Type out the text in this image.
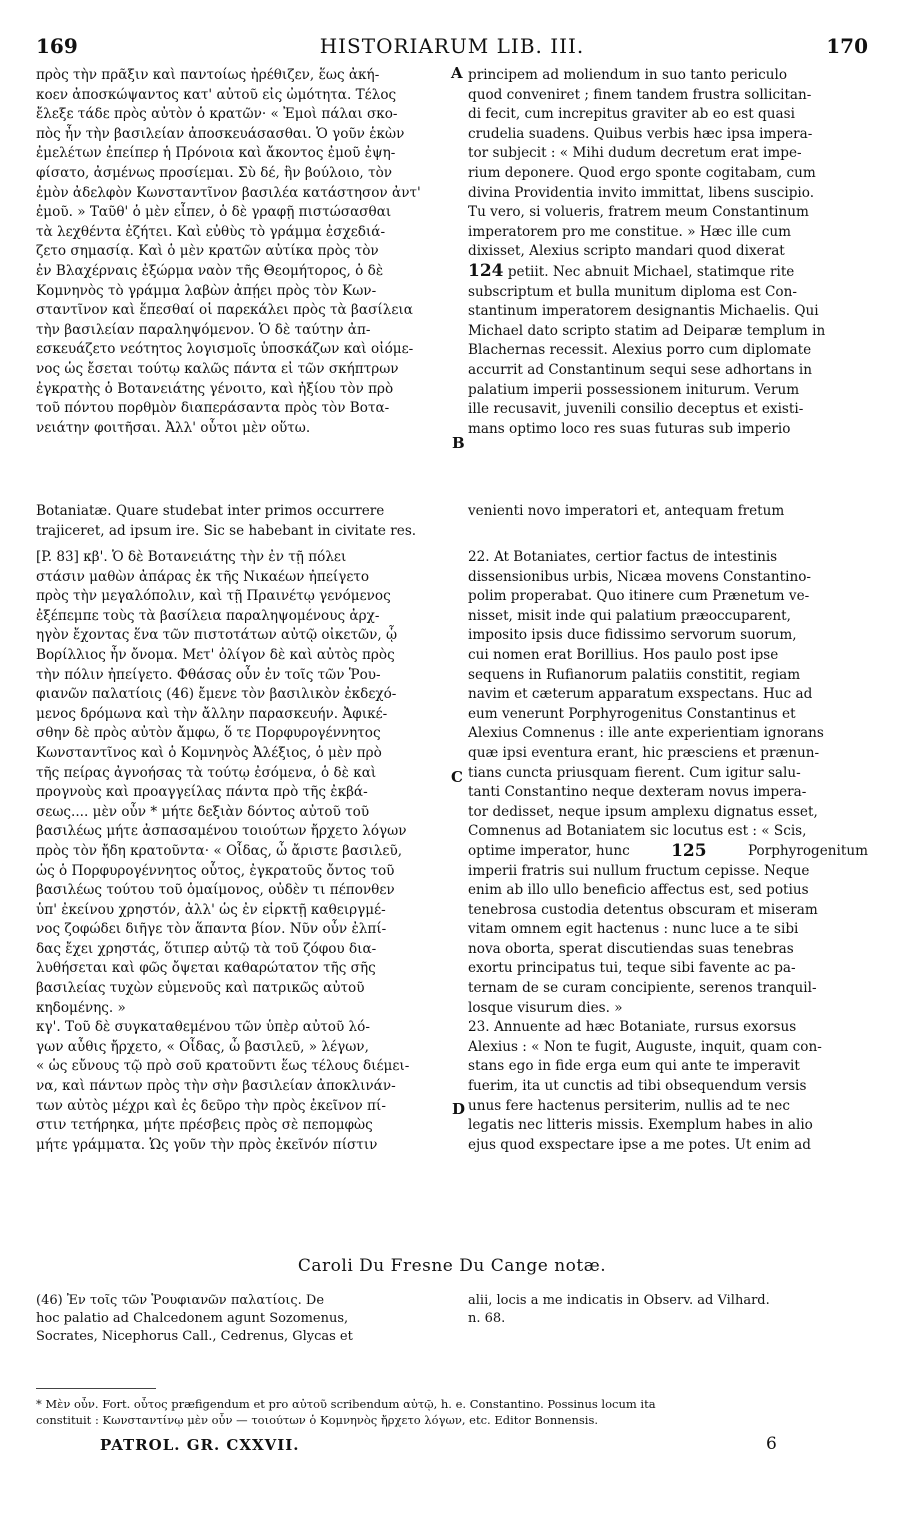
169	HISTORIARUM LIB. III.	170
A
B
C
D

πρὸς τὴν πρᾶξιν καὶ παντοίως ἠρέθιζεν, ἕως ἀκή-

κοεν ἀποσκώψαντος κατ' αὐτοῦ εἰς ὠμότητα. Τέλος

ἔλεξε τάδε πρὸς αὐτὸν ὁ κρατῶν· « Ἐμοὶ πάλαι σκο-

πὸς ἦν τὴν βασιλείαν ἀποσκευάσασθαι. Ὁ γοῦν ἑκὼν

ἐμελέτων ἐπείπερ ἡ Πρόνοια καὶ ἄκοντος ἐμοῦ ἐψη-

φίσατο, ἀσμένως προσίεμαι. Σὺ δέ, ἣν βούλοιο, τὸν

ἐμὸν ἀδελφὸν Κωνσταντῖνον βασιλέα κατάστησον ἀντ'

ἐμοῦ. » Ταῦθ' ὁ μὲν εἶπεν, ὁ δὲ γραφῇ πιστώσασθαι

τὰ λεχθέντα ἐζήτει. Καὶ εὐθὺς τὸ γράμμα ἐσχεδιά-

ζετο σημασίᾳ. Καὶ ὁ μὲν κρατῶν αὐτίκα πρὸς τὸν

ἐν Βλαχέρναις ἐξώρμα ναὸν τῆς Θεομήτορος, ὁ δὲ

Κομνηνὸς τὸ γράμμα λαβὼν ἀπῄει πρὸς τὸν Κων-

σταντῖνον καὶ ἕπεσθαί οἱ παρεκάλει πρὸς τὰ βασίλεια

τὴν βασιλείαν παραληψόμενον. Ὁ δὲ ταύτην ἀπ-

εσκευάζετο νεότητος λογισμοῖς ὑποσκάζων καὶ οἰόμε-

νος ὡς ἔσεται τούτῳ καλῶς πάντα εἰ τῶν σκήπτρων

ἐγκρατὴς ὁ Βοτανειάτης γένοιτο, καὶ ἠξίου τὸν πρὸ

τοῦ πόντου πορθμὸν διαπεράσαντα πρὸς τὸν Βοτα-

νειάτην φοιτῆσαι. Ἀλλ' οὗτοι μὲν οὕτω.

principem ad moliendum in suo tanto periculo

quod conveniret ; finem tandem frustra sollicitan-

di fecit, cum increpitus graviter ab eo est quasi

crudelia suadens. Quibus verbis hæc ipsa impera-

tor subjecit : « Mihi dudum decretum erat impe-

rium deponere. Quod ergo sponte cogitabam, cum

divina Providentia invito immittat, libens suscipio.

Tu vero, si volueris, fratrem meum Constantinum

imperatorem pro me constitue. » Hæc ille cum

dixisset, Alexius scripto mandari quod dixerat

124 petiit. Nec abnuit Michael, statimque rite

subscriptum et bulla munitum diploma est Con-

stantinum imperatorem designantis Michaelis. Qui

Michael dato scripto statim ad Deiparæ templum in

Blachernas recessit. Alexius porro cum diplomate

accurrit ad Constantinum sequi sese adhortans in

palatium imperii possessionem initurum. Verum

ille recusavit, juvenili consilio deceptus et existi-

mans optimo loco res suas futuras sub imperio

Botaniatæ. Quare studebat inter primos occurrere	venienti novo imperatori et, antequam fretum
trajiceret, ad ipsum ire. Sic se habebant in civitate res.

[P. 83] κβ'. Ὁ δὲ Βοτανειάτης τὴν ἐν τῇ πόλει

στάσιν μαθὼν ἀπάρας ἐκ τῆς Νικαέων ἠπείγετο

πρὸς τὴν μεγαλόπολιν, καὶ τῇ Πραινέτῳ γενόμενος

ἐξέπεμπε τοὺς τὰ βασίλεια παραληψομένους ἀρχ-

ηγὸν ἔχοντας ἕνα τῶν πιστοτάτων αὐτῷ οἰκετῶν, ᾧ

Βορίλλιος ἦν ὄνομα. Μετ' ὀλίγον δὲ καὶ αὐτὸς πρὸς

τὴν πόλιν ἠπείγετο. Φθάσας οὖν ἐν τοῖς τῶν Ῥου-

φιανῶν παλατίοις (46) ἔμενε τὸν βασιλικὸν ἐκδεχό-

μενος δρόμωνα καὶ τὴν ἄλλην παρασκευήν. Ἀφικέ-

σθην δὲ πρὸς αὐτὸν ἄμφω, ὅ τε Πορφυρογέννητος

Κωνσταντῖνος καὶ ὁ Κομνηνὸς Ἀλέξιος, ὁ μὲν πρὸ

τῆς πείρας ἀγνοήσας τὰ τούτῳ ἐσόμενα, ὁ δὲ καὶ

προγνοὺς καὶ προαγγείλας πάντα πρὸ τῆς ἐκβά-

σεως.... μὲν οὖν * μήτε δεξιὰν δόντος αὐτοῦ τοῦ

βασιλέως μήτε ἀσπασαμένου τοιούτων ἤρχετο λόγων

πρὸς τὸν ἤδη κρατοῦντα· « Οἶδας, ὦ ἄριστε βασιλεῦ,

ὡς ὁ Πορφυρογέννητος οὗτος, ἐγκρατοῦς ὄντος τοῦ

βασιλέως τούτου τοῦ ὁμαίμονος, οὐδὲν τι πέπονθεν

ὑπ' ἐκείνου χρηστόν, ἀλλ' ὡς ἐν εἱρκτῇ καθειργμέ-

νος ζοφώδει διῆγε τὸν ἅπαντα βίον. Νῦν οὖν ἐλπί-

δας ἔχει χρηστάς, ὅτιπερ αὐτῷ τὰ τοῦ ζόφου δια-

λυθήσεται καὶ φῶς ὄψεται καθαρώτατον τῆς σῆς

βασιλείας τυχὼν εὐμενοῦς καὶ πατρικῶς αὐτοῦ

κηδομένης. »

κγ'. Τοῦ δὲ συγκαταθεμένου τῶν ὑπὲρ αὐτοῦ λό-

γων αὖθις ἤρχετο, « Οἶδας, ὦ βασιλεῦ, » λέγων,

« ὡς εὔνους τῷ πρὸ σοῦ κρατοῦντι ἕως τέλους διέμει-

να, καὶ πάντων πρὸς τὴν σὴν βασιλείαν ἀποκλινάν-

των αὐτὸς μέχρι καὶ ἐς δεῦρο τὴν πρὸς ἐκεῖνον πί-

στιν τετήρηκα, μήτε πρέσβεις πρὸς σὲ πεπομφὼς

μήτε γράμματα. Ὡς γοῦν τὴν πρὸς ἐκεῖνόν πίστιν

22. At Botaniates, certior factus de intestinis

dissensionibus urbis, Nicæa movens Constantino-

polim properabat. Quo itinere cum Prænetum ve-

nisset, misit inde qui palatium præoccuparent,

imposito ipsis duce fidissimo servorum suorum,

cui nomen erat Borillius. Hos paulo post ipse

sequens in Rufianorum palatiis constitit, regiam

navim et cæterum apparatum exspectans. Huc ad

eum venerunt Porphyrogenitus Constantinus et

Alexius Comnenus : ille ante experientiam ignorans

quæ ipsi eventura erant, hic præsciens et prænun-

tians cuncta priusquam fierent. Cum igitur salu-

tanti Constantino neque dexteram novus impera-

tor dedisset, neque ipsum amplexu dignatus esset,

Comnenus ad Botaniatem sic locutus est : « Scis,

optime imperator, hunc 125	Porphyrogenitum

imperii fratris sui nullum fructum cepisse. Neque

enim ab illo ullo beneficio affectus est, sed potius

tenebrosa custodia detentus obscuram et miseram

vitam omnem egit hactenus : nunc luce a te sibi

nova oborta, sperat discutiendas suas tenebras

exortu principatus tui, teque sibi favente ac pa-

ternam de se curam concipiente, serenos tranquil-

losque visurum dies. »

23. Annuente ad hæc Botaniate, rursus exorsus

Alexius : « Non te fugit, Auguste, inquit, quam con-

stans ego in fide erga eum qui ante te imperavit

fuerim, ita ut cunctis ad tibi obsequendum versis

unus fere hactenus persiterim, nullis ad te nec

legatis nec litteris missis. Exemplum habes in alio

ejus quod exspectare ipse a me potes. Ut enim ad

Caroli Du Fresne Du Cange notæ.
(46) Ἐν τοῖς τῶν Ῥουφιανῶν παλατίοις. De
hoc palatio ad Chalcedonem agunt Sozomenus,
Socrates, Nicephorus Call., Cedrenus, Glycas et
alii, locis a me indicatis in Observ. ad Vilhard.
n. 68.
* Μὲν οὖν. Fort. οὗτος præfigendum et pro αὐτοῦ scribendum αὐτῷ, h. e. Constantino. Possinus locum ita
constituit : Κωνσταντίνῳ μὲν οὖν — τοιούτων ὁ Κομνηνὸς ἤρχετο λόγων, etc. Editor Bonnensis.
PATROL. GR. CXXVII.	6
